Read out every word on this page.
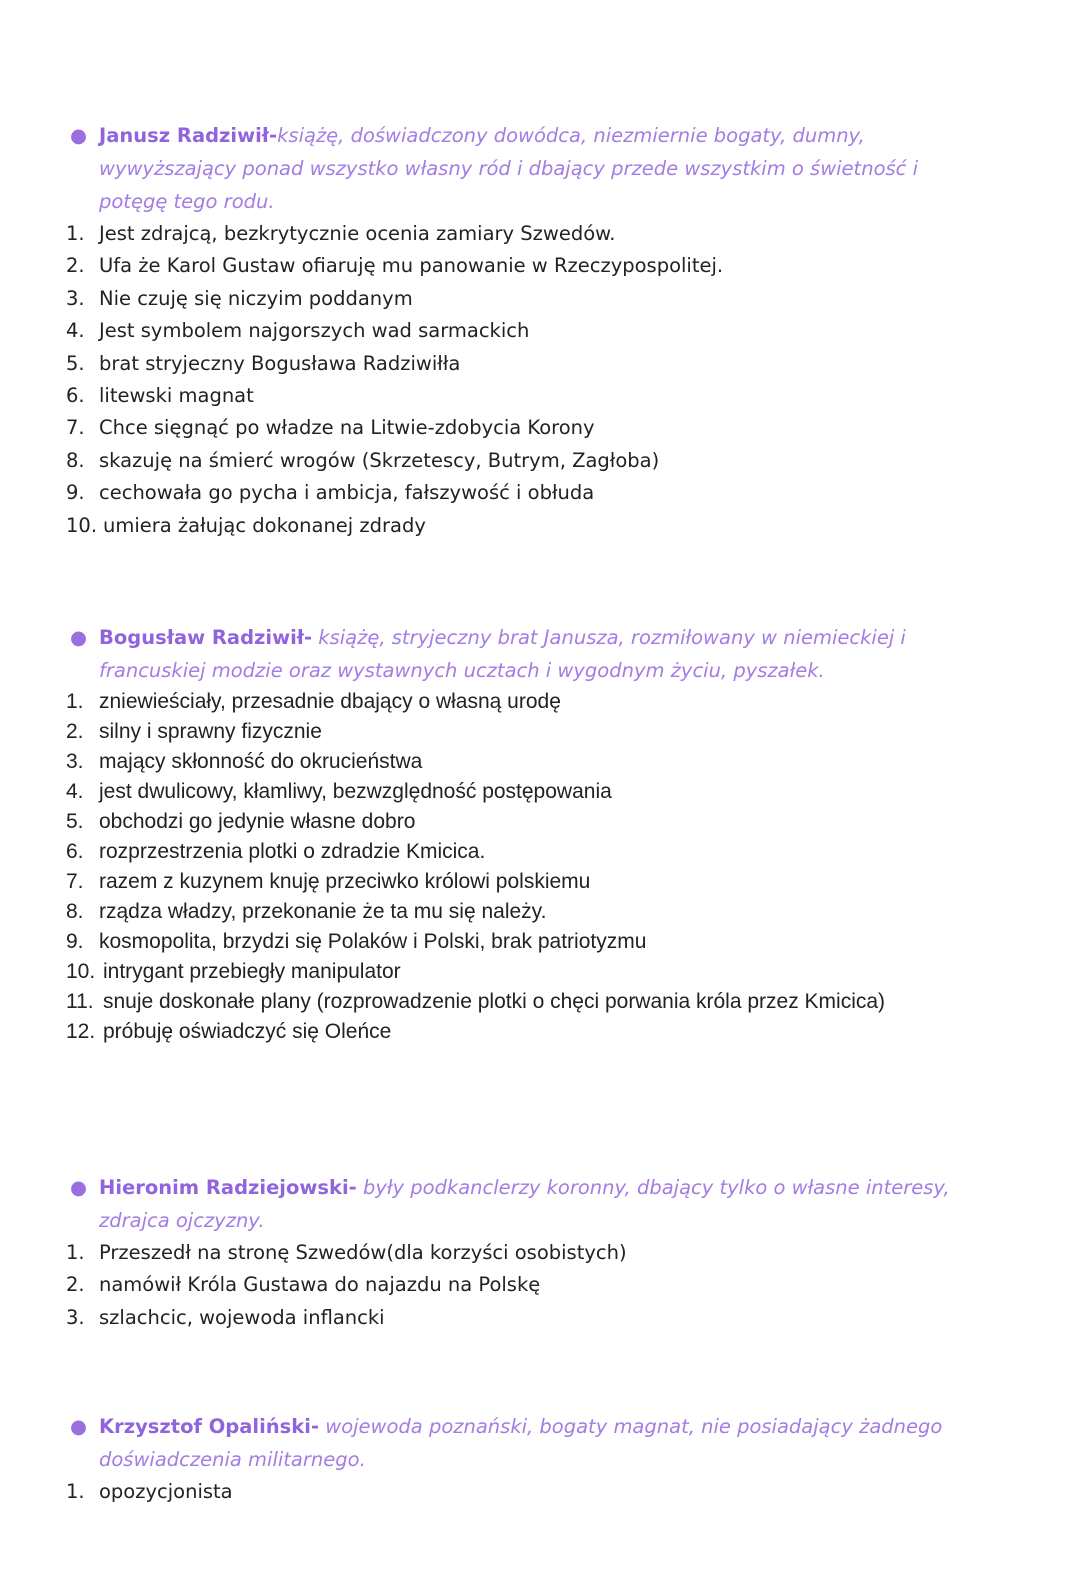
● Janusz Radziwił-książę, doświadczony dowódca, niezmiernie bogaty, dumny, wywyższający ponad wszystko własny ród i dbający przede wszystkim o świetność i potęgę tego rodu.
1. Jest zdrajcą, bezkrytycznie ocenia zamiary Szwedów.
2. Ufa że Karol Gustaw ofiaruję mu panowanie w Rzeczypospolitej.
3. Nie czuję się niczyim poddanym
4. Jest symbolem najgorszych wad sarmackich
5. brat stryjeczny Bogusława Radziwiłła
6. litewski magnat
7. Chce sięgnąć po władze na Litwie-zdobycia Korony
8. skazuję na śmierć wrogów (Skrzetescy, Butrym, Zagłoba)
9. cechowała go pycha i ambicja, fałszywość i obłuda
10. umiera żałując dokonanej zdrady
● Bogusław Radziwił- książę, stryjeczny brat Janusza, rozmiłowany w niemieckiej i francuskiej modzie oraz wystawnych ucztach i wygodnym życiu, pyszałek.
1. zniewieściały, przesadnie dbający o własną urodę
2. silny i sprawny fizycznie
3. mający skłonność do okrucieństwa
4. jest dwulicowy, kłamliwy, bezwzględność postępowania
5. obchodzi go jedynie własne dobro
6. rozprzestrzenia plotki o zdradzie Kmicica.
7. razem z kuzynem knuję przeciwko królowi polskiemu
8. rządza władzy, przekonanie że ta mu się należy.
9. kosmopolita, brzydzi się Polaków i Polski, brak patriotyzmu
10. intrygant przebiegły manipulator
11. snuje doskonałe plany (rozprowadzenie plotki o chęci porwania króla przez Kmicica)
12. próbuję oświadczyć się Oleńce
● Hieronim Radziejowski- były podkanclerzy koronny, dbający tylko o własne interesy, zdrajca ojczyzny.
1. Przeszedł na stronę Szwedów(dla korzyści osobistych)
2. namówił Króla Gustawa do najazdu na Polskę
3. szlachcic, wojewoda inflancki
● Krzysztof Opaliński- wojewoda poznański, bogaty magnat, nie posiadający żadnego doświadczenia militarnego.
1. opozycjonista
